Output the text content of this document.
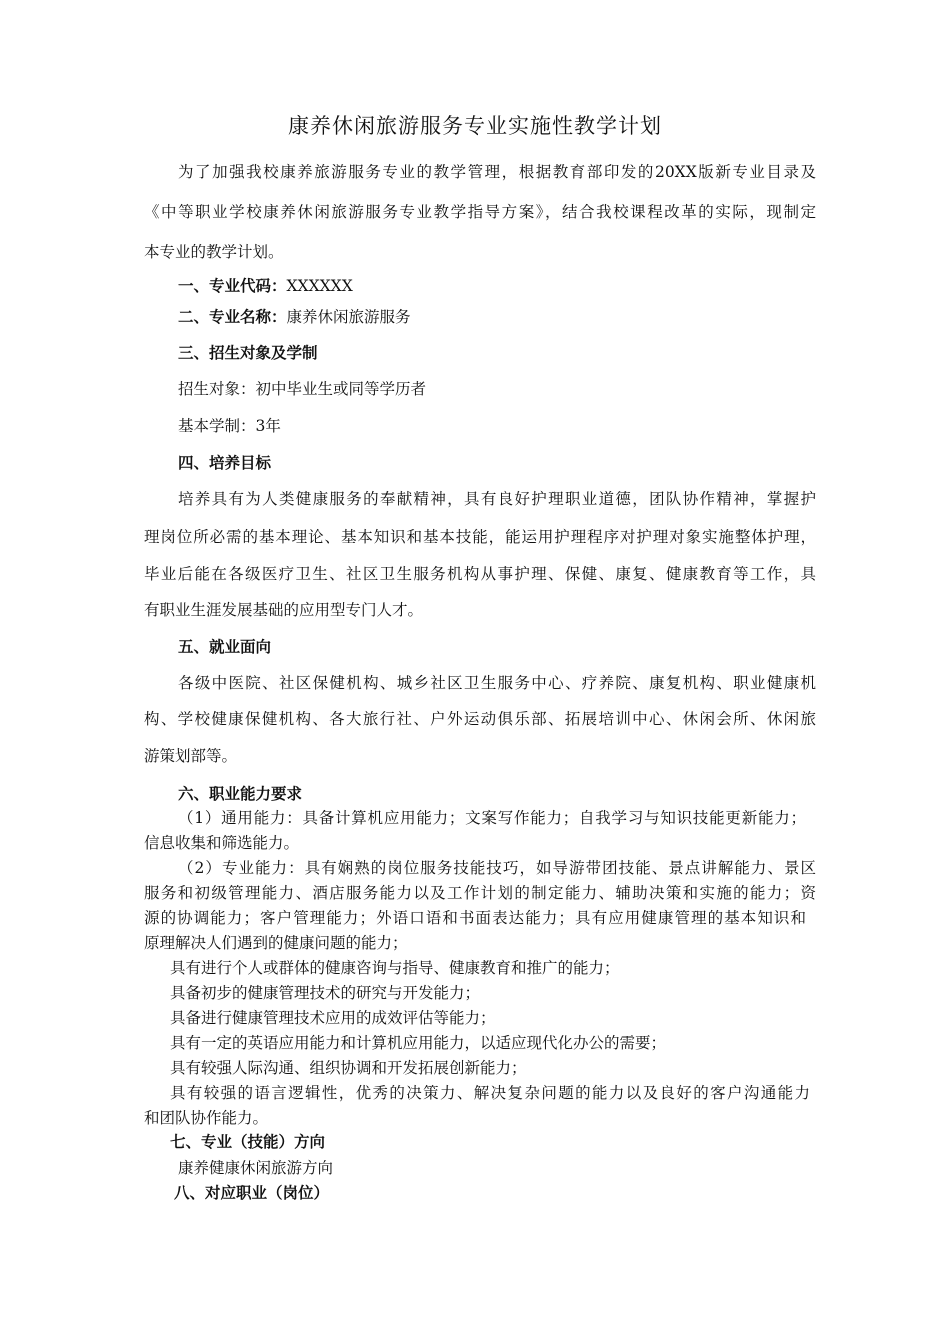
康养休闲旅游服务专业实施性教学计划
为了加强我校康养旅游服务专业的教学管理，根据教育部印发的20XX版新专业目录及
《中等职业学校康养休闲旅游服务专业教学指导方案》，结合我校课程改革的实际，现制定
本专业的教学计划。
一、专业代码：XXXXXX
二、专业名称：康养休闲旅游服务
三、招生对象及学制
招生对象：初中毕业生或同等学历者
基本学制：3年
四、培养目标
培养具有为人类健康服务的奉献精神，具有良好护理职业道德，团队协作精神，掌握护
理岗位所必需的基本理论、基本知识和基本技能，能运用护理程序对护理对象实施整体护理，
毕业后能在各级医疗卫生、社区卫生服务机构从事护理、保健、康复、健康教育等工作，具
有职业生涯发展基础的应用型专门人才。
五、就业面向
各级中医院、社区保健机构、城乡社区卫生服务中心、疗养院、康复机构、职业健康机
构、学校健康保健机构、各大旅行社、户外运动俱乐部、拓展培训中心、休闲会所、休闲旅
游策划部等。
六、职业能力要求
（1）通用能力：具备计算机应用能力；文案写作能力；自我学习与知识技能更新能力；
信息收集和筛选能力。
（2）专业能力：具有娴熟的岗位服务技能技巧，如导游带团技能、景点讲解能力、景区
服务和初级管理能力、酒店服务能力以及工作计划的制定能力、辅助决策和实施的能力；资
源的协调能力；客户管理能力；外语口语和书面表达能力；具有应用健康管理的基本知识和
原理解决人们遇到的健康问题的能力；
具有进行个人或群体的健康咨询与指导、健康教育和推广的能力；
具备初步的健康管理技术的研究与开发能力；
具备进行健康管理技术应用的成效评估等能力；
具有一定的英语应用能力和计算机应用能力，以适应现代化办公的需要；
具有较强人际沟通、组织协调和开发拓展创新能力；
具有较强的语言逻辑性，优秀的决策力、解决复杂问题的能力以及良好的客户沟通能力
和团队协作能力。
七、专业（技能）方向
康养健康休闲旅游方向
八、对应职业（岗位）
